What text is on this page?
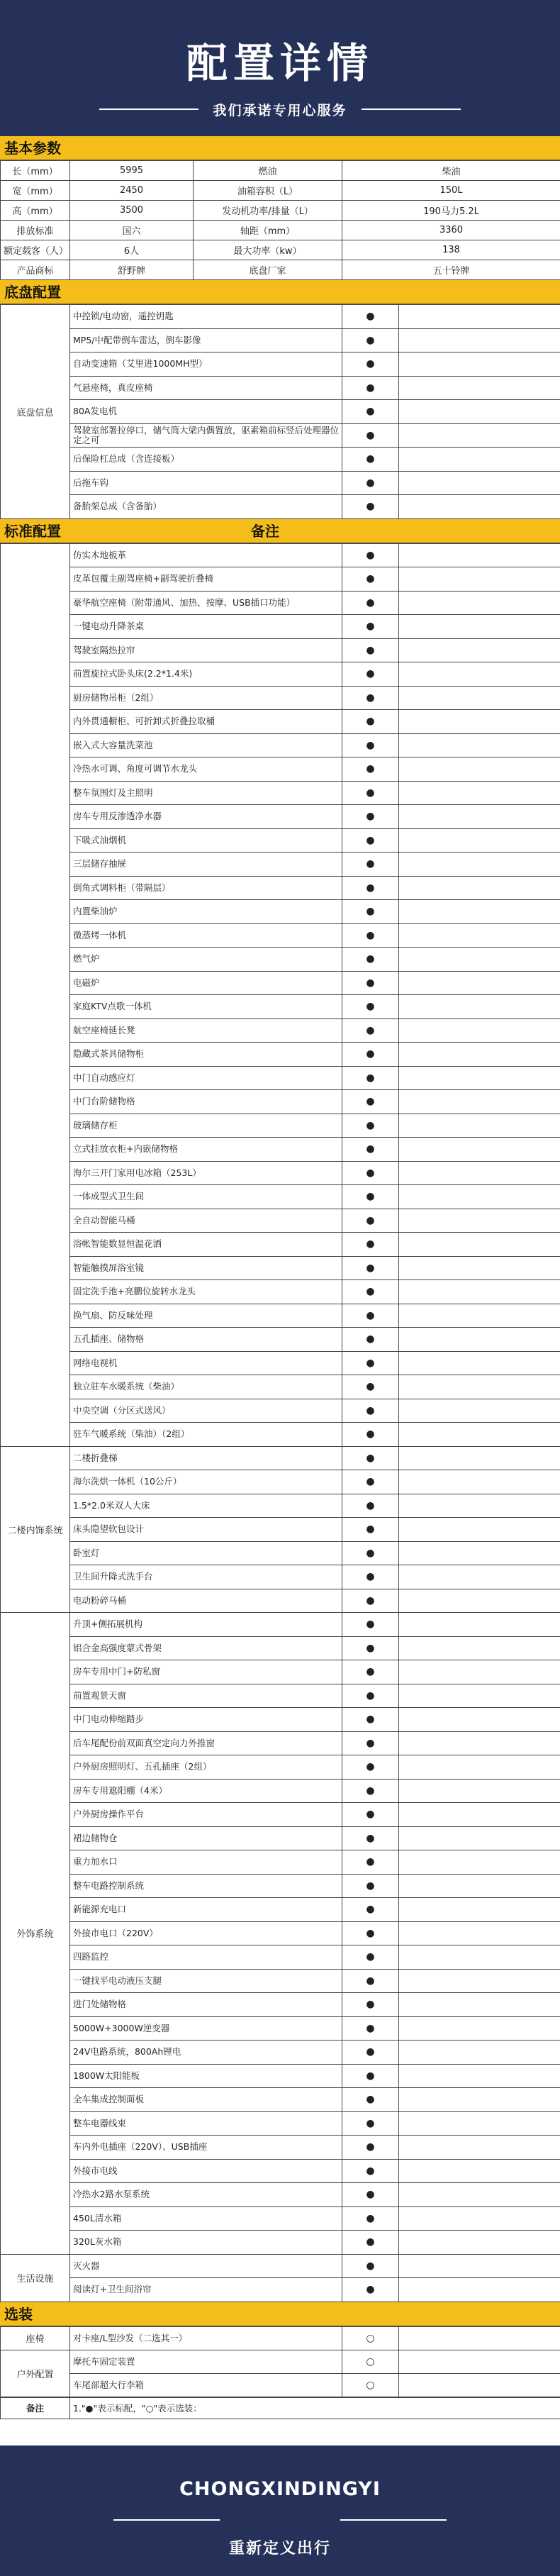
配置详情
我们承诺专用心服务
基本参数
长（mm）	5995	燃油	柴油
宽（mm）	2450	油箱容积（L）	150L
高（mm）	3500	发动机功率/排量（L）	190马力5.2L
排放标准	国六	轴距（mm）	3360
额定载客（人）	6人	最大功率（kw）	138
产品商标	舒野牌	底盘厂家	五十铃牌
底盘配置
底盘信息	中控锁/电动窗，遥控钥匙	●	
	MP5/中配带倒车雷达，倒车影像	●	
	自动变速箱（艾里进1000MH型）	●	
	气悬座椅，真皮座椅	●	
	80A发电机	●	
	驾驶室部署拉停口，储气筒大梁内偶置放，驱素箱前标竖后处理器位定之可	●	
	后保险杠总成（含连接板）	●	
	后拖车钩	●	
	备胎架总成（含备胎）	●	
标准配置	备注
	仿实木地板革	●	
	皮革包覆主副驾座椅+副驾驶折叠椅	●	
	豪华航空座椅（附带通风、加热、按摩、USB插口功能）	●	
	一键电动升降茶桌	●	
	驾驶室隔热拉帘	●	
	前置旋拉式卧头床(2.2*1.4米)	●	
	厨房储物吊柜（2组）	●	
	内外贯通橱柜、可折卸式折叠拉取桶	●	
	嵌入式大容量洗菜池	●	
	冷热水可调、角度可调节水龙头	●	
	整车氛围灯及主照明	●	
	房车专用反渗透净水器	●	
	下吸式油烟机	●	
	三层储存抽屉	●	
	倒角式调料柜（带隔层）	●	
	内置柴油炉	●	
	微蒸烤一体机	●	
	燃气炉	●	
	电磁炉	●	
	家庭KTV点歌一体机	●	
	航空座椅延长凳	●	
	隐藏式茶具储物柜	●	
	中门自动感应灯	●	
	中门台阶储物格	●	
	玻璃储存柜	●	
	立式挂放衣柜+内嵌储物格	●	
	海尔三开门家用电冰箱（253L）	●	
	一体成型式卫生间	●	
	全自动智能马桶	●	
	浴帐智能数显恒温花洒	●	
	智能触摸屏浴室镜	●	
	固定洗手池+亮鹏位旋转水龙头	●	
	换气扇、防反味处理	●	
	五孔插座、储物格	●	
	网络电视机	●	
	独立驻车水暖系统（柴油）	●	
	中央空调（分区式送风）	●	
	驻车气暖系统（柴油）（2组）	●	
二楼内饰系统	二楼折叠梯	●	
	海尔洗烘一体机（10公斤）	●	
	1.5*2.0米双人大床	●	
	床头隐望软包设计	●	
	卧室灯	●	
	卫生间升降式洗手台	●	
	电动粉碎马桶	●	
外饰系统	升顶+侧拓展机构	●	
	铝合金高强度蒙式骨架	●	
	房车专用中门+防私窗	●	
	前置观景天窗	●	
	中门电动伸缩踏步	●	
	后车尾配份前双面真空定向力外推窗	●	
	户外厨房照明灯、五孔插座（2组）	●	
	房车专用遮阳棚（4米）	●	
	户外厨房操作平台	●	
	裙边储物仓	●	
	重力加水口	●	
	整车电路控制系统	●	
	新能源充电口	●	
	外接市电口（220V）	●	
	四路监控	●	
	一键找平电动液压支腿	●	
	进门处储物格	●	
	5000W+3000W逆变器	●	
	24V电路系统，800Ah锂电	●	
	1800W太阳能板	●	
	全车集成控制面板	●	
	整车电器线束	●	
	车内外电插座（220V）、USB插座	●	
	外接市电线	●	
	冷热水2路水泵系统	●	
	450L清水箱	●	
	320L灰水箱	●	
生活设施	灭火器	●	
	阅读灯+卫生间浴帘	●	
选装
座椅	对卡座/L型沙发（二选其一）	○	
户外配置	摩托车固定装置	○	
	车尾部超大行李箱	○	
备注	1."●"表示标配，"○"表示选装：
CHONGXINDINGYI
重新定义出行
